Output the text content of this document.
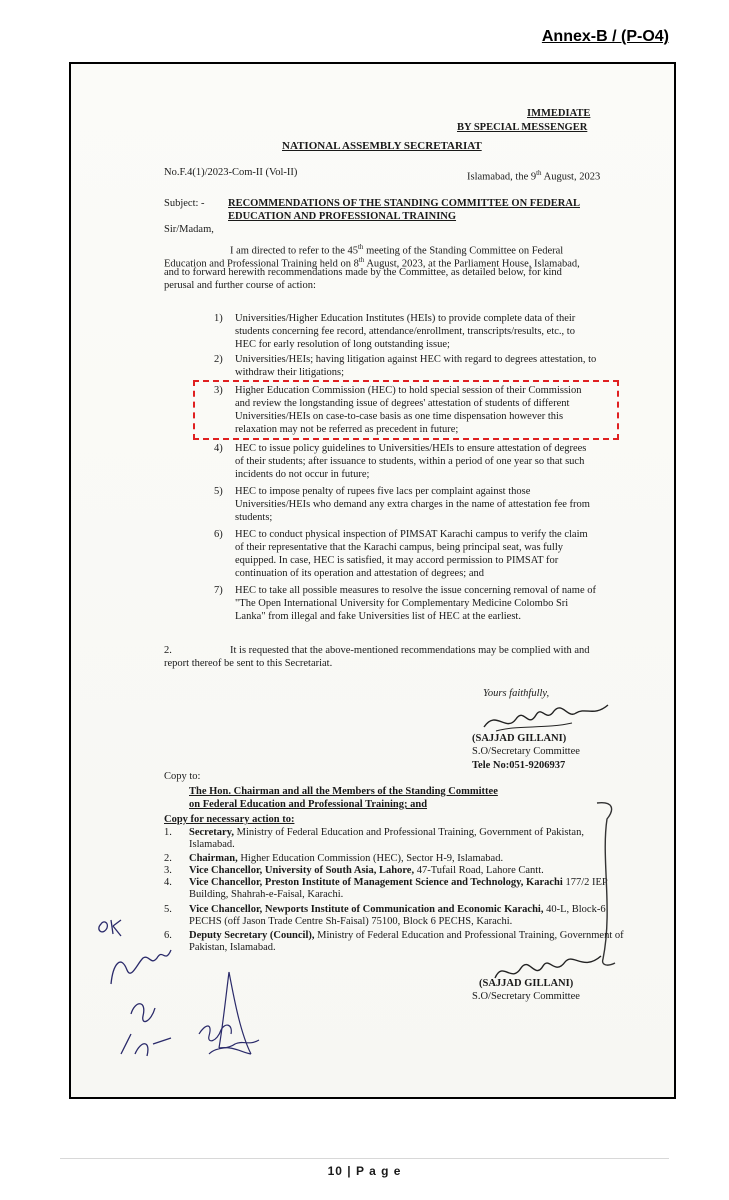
Annex-B / (P-O4)
IMMEDIATE
BY SPECIAL MESSENGER
NATIONAL ASSEMBLY SECRETARIAT
No.F.4(1)/2023-Com-II (Vol-II)	Islamabad, the 9th August, 2023
Subject: - RECOMMENDATIONS OF THE STANDING COMMITTEE ON FEDERAL
EDUCATION AND PROFESSIONAL TRAINING
Sir/Madam,
I am directed to refer to the 45th meeting of the Standing Committee on Federal
Education and Professional Training held on 8th August, 2023, at the Parliament House, Islamabad,
and to forward herewith recommendations made by the Committee, as detailed below, for kind
perusal and further course of action:
1) Universities/Higher Education Institutes (HEIs) to provide complete data of their
students concerning fee record, attendance/enrollment, transcripts/results, etc., to
HEC for early resolution of long outstanding issue;
2) Universities/HEIs; having litigation against HEC with regard to degrees attestation, to
withdraw their litigations;
3) Higher Education Commission (HEC) to hold special session of their Commission
and review the longstanding issue of degrees' attestation of students of different
Universities/HEIs on case-to-case basis as one time dispensation however this
relaxation may not be referred as precedent in future;
4) HEC to issue policy guidelines to Universities/HEIs to ensure attestation of degrees
of their students; after issuance to students, within a period of one year so that such
incidents do not occur in future;
5) HEC to impose penalty of rupees five lacs per complaint against those
Universities/HEIs who demand any extra charges in the name of attestation fee from
students;
6) HEC to conduct physical inspection of PIMSAT Karachi campus to verify the claim
of their representative that the Karachi campus, being principal seat, was fully
equipped. In case, HEC is satisfied, it may accord permission to PIMSAT for
continuation of its operation and attestation of degrees; and
7) HEC to take all possible measures to resolve the issue concerning removal of name of
"The Open International University for Complementary Medicine Colombo Sri
Lanka" from illegal and fake Universities list of HEC at the earliest.
2.	It is requested that the above-mentioned recommendations may be complied with and
report thereof be sent to this Secretariat.
Yours faithfully,
(SAJJAD GILLANI)
S.O/Secretary Committee
Tele No:051-9206937
Copy to:
The Hon. Chairman and all the Members of the Standing Committee
on Federal Education and Professional Training; and
Copy for necessary action to:
1. Secretary, Ministry of Federal Education and Professional Training, Government of Pakistan,
Islamabad.
2. Chairman, Higher Education Commission (HEC), Sector H-9, Islamabad.
3. Vice Chancellor, University of South Asia, Lahore, 47-Tufail Road, Lahore Cantt.
4. Vice Chancellor, Preston Institute of Management Science and Technology, Karachi 177/2 IEP
Building, Shahrah-e-Faisal, Karachi.
5. Vice Chancellor, Newports Institute of Communication and Economic Karachi, 40-L, Block-6
PECHS (off Jason Trade Centre Sh-Faisal) 75100, Block 6 PECHS, Karachi.
6. Deputy Secretary (Council), Ministry of Federal Education and Professional Training, Government of
Pakistan, Islamabad.
(SAJJAD GILLANI)
S.O/Secretary Committee
10 | P a g e
